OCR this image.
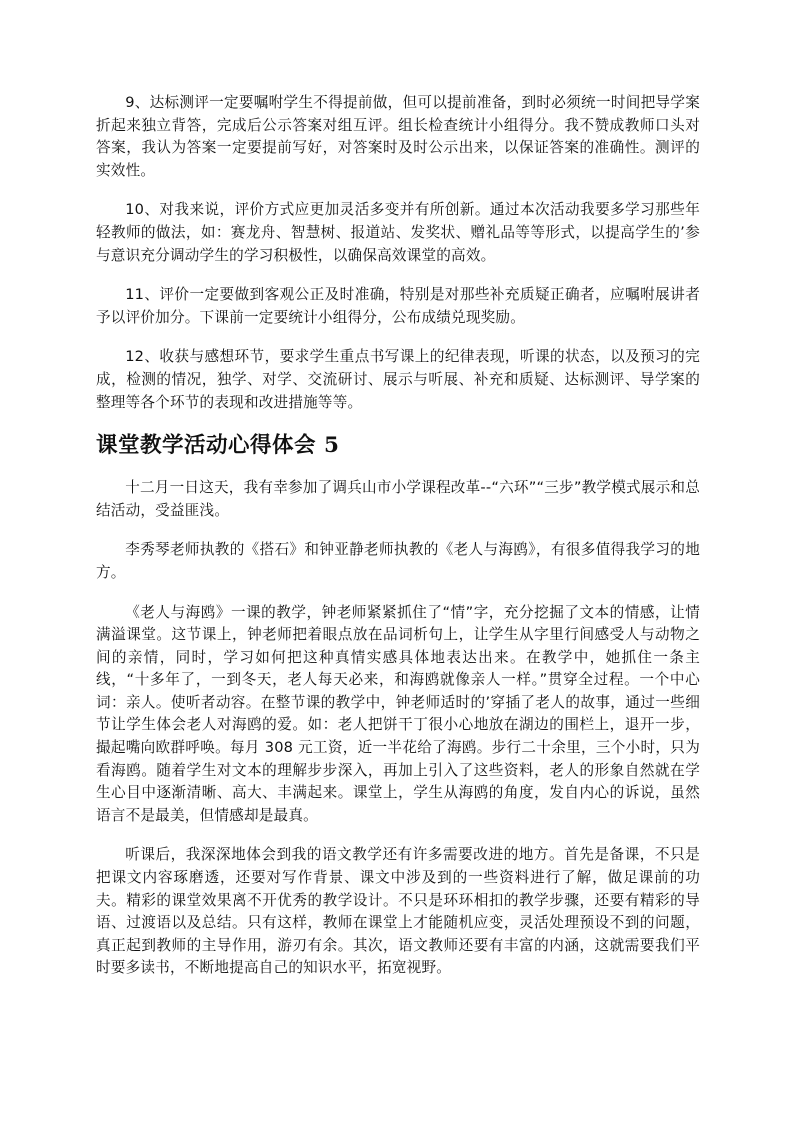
9、达标测评一定要嘱咐学生不得提前做，但可以提前准备，到时必须统一时间把导学案折起来独立背答，完成后公示答案对组互评。组长检查统计小组得分。我不赞成教师口头对答案，我认为答案一定要提前写好，对答案时及时公示出来，以保证答案的准确性。测评的实效性。

10、对我来说，评价方式应更加灵活多变并有所创新。通过本次活动我要多学习那些年轻教师的做法，如：赛龙舟、智慧树、报道站、发奖状、赠礼品等等形式，以提高学生的’参与意识充分调动学生的学习积极性，以确保高效课堂的高效。

11、评价一定要做到客观公正及时准确，特别是对那些补充质疑正确者，应嘱咐展讲者予以评价加分。下课前一定要统计小组得分，公布成绩兑现奖励。

12、收获与感想环节，要求学生重点书写课上的纪律表现，听课的状态，以及预习的完成，检测的情况，独学、对学、交流研讨、展示与听展、补充和质疑、达标测评、导学案的整理等各个环节的表现和改进措施等等。

课堂教学活动心得体会 5

十二月一日这天，我有幸参加了调兵山市小学课程改革--“六环”“三步”教学模式展示和总结活动，受益匪浅。

李秀琴老师执教的《搭石》和钟亚静老师执教的《老人与海鸥》，有很多值得我学习的地方。

《老人与海鸥》一课的教学，钟老师紧紧抓住了“情”字，充分挖掘了文本的情感，让情满溢课堂。这节课上，钟老师把着眼点放在品词析句上，让学生从字里行间感受人与动物之间的亲情，同时，学习如何把这种真情实感具体地表达出来。在教学中，她抓住一条主线，“十多年了，一到冬天，老人每天必来，和海鸥就像亲人一样。”贯穿全过程。一个中心词：亲人。使听者动容。在整节课的教学中，钟老师适时的’穿插了老人的故事，通过一些细节让学生体会老人对海鸥的爱。如：老人把饼干丁很小心地放在湖边的围栏上，退开一步，撮起嘴向欧群呼唤。每月 308 元工资，近一半花给了海鸥。步行二十余里，三个小时，只为看海鸥。随着学生对文本的理解步步深入，再加上引入了这些资料，老人的形象自然就在学生心目中逐渐清晰、高大、丰满起来。课堂上，学生从海鸥的角度，发自内心的诉说，虽然语言不是最美，但情感却是最真。

听课后，我深深地体会到我的语文教学还有许多需要改进的地方。首先是备课，不只是把课文内容琢磨透，还要对写作背景、课文中涉及到的一些资料进行了解，做足课前的功夫。精彩的课堂效果离不开优秀的教学设计。不只是环环相扣的教学步骤，还要有精彩的导语、过渡语以及总结。只有这样，教师在课堂上才能随机应变，灵活处理预设不到的问题，真正起到教师的主导作用，游刃有余。其次，语文教师还要有丰富的内涵，这就需要我们平时要多读书，不断地提高自己的知识水平，拓宽视野。
